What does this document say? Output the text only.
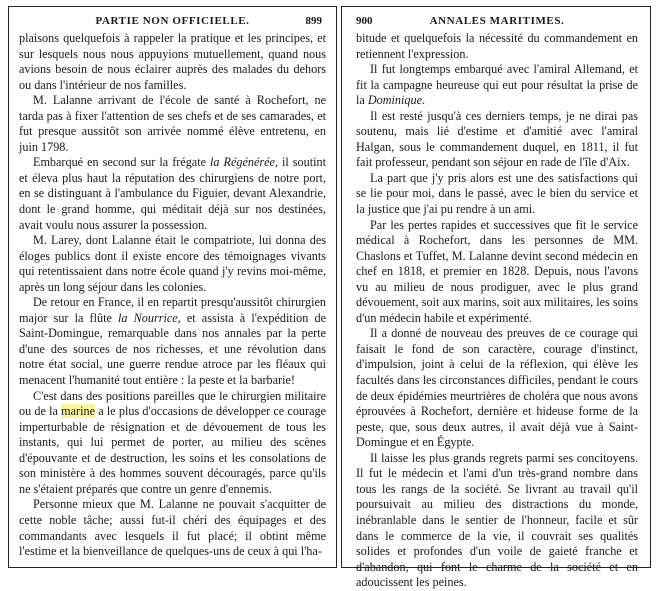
PARTIE NON OFFICIELLE.	899

plaisons quelquefois à rappeler la pratique et les principes, et sur lesquels nous nous appuyions mutuellement, quand nous avions besoin de nous éclairer auprès des malades du dehors ou dans l'intérieur de nos familles.

M. Lalanne arrivant de l'école de santé à Rochefort, ne tarda pas à fixer l'attention de ses chefs et de ses camarades, et fut presque aussitôt son arrivée nommé élève entretenu, en juin 1798.

Embarqué en second sur la frégate la Régénérée, il soutint et éleva plus haut la réputation des chirurgiens de notre port, en se distinguant à l'ambulance du Figuier, devant Alexandrie, dont le grand homme, qui méditait déjà sur nos destinées, avait voulu nous assurer la possession.

M. Larey, dont Lalanne était le compatriote, lui donna des éloges publics dont il existe encore des témoignages vivants qui retentissaient dans notre école quand j'y revins moi-même, après un long séjour dans les colonies.

De retour en France, il en repartit presqu'aussitôt chirurgien major sur la flûte la Nourrice, et assista à l'expédition de Saint-Domingue, remarquable dans nos annales par la perte d'une des sources de nos richesses, et une révolution dans notre état social, une guerre rendue atroce par les fléaux qui menacent l'humanité tout entière : la peste et la barbarie!

C'est dans des positions pareilles que le chirurgien militaire ou de la marine a le plus d'occasions de développer ce courage imperturbable de résignation et de dévouement de tous les instants, qui lui permet de porter, au milieu des scènes d'épouvante et de destruction, les soins et les consolations de son ministère à des hommes souvent découragés, parce qu'ils ne s'étaient préparés que contre un genre d'ennemis.

Personne mieux que M. Lalanne ne pouvait s'acquitter de cette noble tâche; aussi fut-il chéri des équipages et des commandants avec lesquels il fut placé; il obtint même l'estime et la bienveillance de quelques-uns de ceux à qui l'ha-

900	ANNALES MARITIMES.

bitude et quelquefois la nécessité du commandement en retiennent l'expression.

Il fut longtemps embarqué avec l'amiral Allemand, et fit la campagne heureuse qui eut pour résultat la prise de la Dominique.

Il est resté jusqu'à ces derniers temps, je ne dirai pas soutenu, mais lié d'estime et d'amitié avec l'amiral Halgan, sous le commandement duquel, en 1811, il fut fait professeur, pendant son séjour en rade de l'île d'Aix.

La part que j'y pris alors est une des satisfactions qui se lie pour moi, dans le passé, avec le bien du service et la justice que j'ai pu rendre à un ami.

Par les pertes rapides et successives que fit le service médical à Rochefort, dans les personnes de MM. Chaslons et Tuffet, M. Lalanne devint second médecin en chef en 1818, et premier en 1828. Depuis, nous l'avons vu au milieu de nous prodiguer, avec le plus grand dévouement, soit aux marins, soit aux militaires, les soins d'un médecin habile et expérimenté.

Il a donné de nouveau des preuves de ce courage qui faisait le fond de son caractère, courage d'instinct, d'impulsion, joint à celui de la réflexion, qui élève les facultés dans les circonstances difficiles, pendant le cours de deux épidémies meurtrières de choléra que nous avons éprouvées à Rochefort, dernière et hideuse forme de la peste, que, sous deux autres, il avait déjà vue à Saint-Domingue et en Égypte.

Il laisse les plus grands regrets parmi ses concitoyens. Il fut le médecin et l'ami d'un très-grand nombre dans tous les rangs de la société. Se livrant au travail qu'il poursuivait au milieu des distractions du monde, inébranlable dans le sentier de l'honneur, facile et sûr dans le commerce de la vie, il couvrait ses qualités solides et profondes d'un voile de gaieté franche et d'abandon, qui font le charme de la société et en adoucissent les peines.
